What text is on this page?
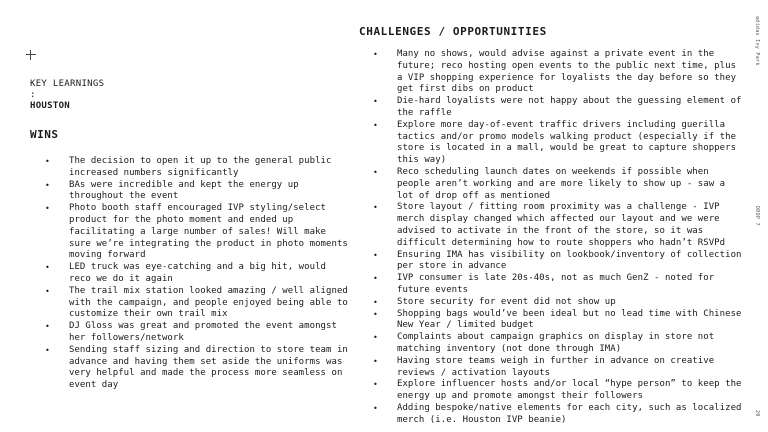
KEY LEARNINGS
:
HOUSTON
WINS
• The decision to open it up to the general public increased numbers significantly
• BAs were incredible and kept the energy up throughout the event
• Photo booth staff encouraged IVP styling/select product for the photo moment and ended up facilitating a large number of sales! Will make sure we’re integrating the product in photo moments moving forward
• LED truck was eye-catching and a big hit, would reco we do it again
• The trail mix station looked amazing / well aligned with the campaign, and people enjoyed being able to customize their own trail mix
• DJ Gloss was great and promoted the event amongst her followers/network
• Sending staff sizing and direction to store team in advance and having them set aside the uniforms was very helpful and made the process more seamless on event day
CHALLENGES / OPPORTUNITIES
• Many no shows, would advise against a private event in the future; reco hosting open events to the public next time, plus a VIP shopping experience for loyalists the day before so they get first dibs on product
• Die-hard loyalists were not happy about the guessing element of the raffle
• Explore more day-of-event traffic drivers including guerilla tactics and/or promo models walking product (especially if the store is located in a mall, would be great to capture shoppers this way)
• Reco scheduling launch dates on weekends if possible when people aren’t working and are more likely to show up - saw a lot of drop off as mentioned
• Store layout / fitting room proximity was a challenge - IVP merch display changed which affected our layout and we were advised to activate in the front of the store, so it was difficult determining how to route shoppers who hadn’t RSVPd
• Ensuring IMA has visibility on lookbook/inventory of collection per store in advance
• IVP consumer is late 20s-40s, not as much GenZ - noted for future events
• Store security for event did not show up
• Shopping bags would’ve been ideal but no lead time with Chinese New Year / limited budget
• Complaints about campaign graphics on display in store not matching inventory (not done through IMA)
• Having store teams weigh in further in advance on creative reviews / activation layouts
• Explore influencer hosts and/or local “hype person” to keep the energy up and promote amongst their followers
• Adding bespoke/native elements for each city, such as localized merch (i.e. Houston IVP beanie)
adidas Ivy Park
DROP 7
20
